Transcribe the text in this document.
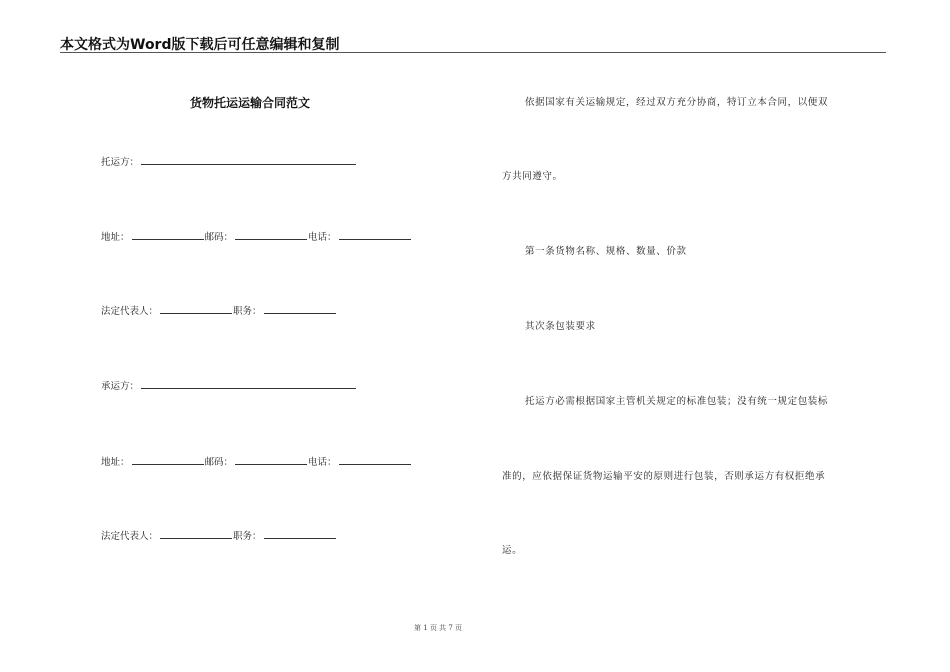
本文格式为Word版下载后可任意编辑和复制
货物托运运输合同范文
托运方：
地址：	邮码：	电话：
法定代表人：	职务：
承运方：
地址：	邮码：	电话：
法定代表人：	职务：
依据国家有关运输规定，经过双方充分协商，特订立本合同，以便双
方共同遵守。
第一条货物名称、规格、数量、价款
其次条包装要求
托运方必需根据国家主管机关规定的标准包装；没有统一规定包装标
准的，应依据保证货物运输平安的原则进行包装，否则承运方有权拒绝承
运。
第 1 页 共 7 页
